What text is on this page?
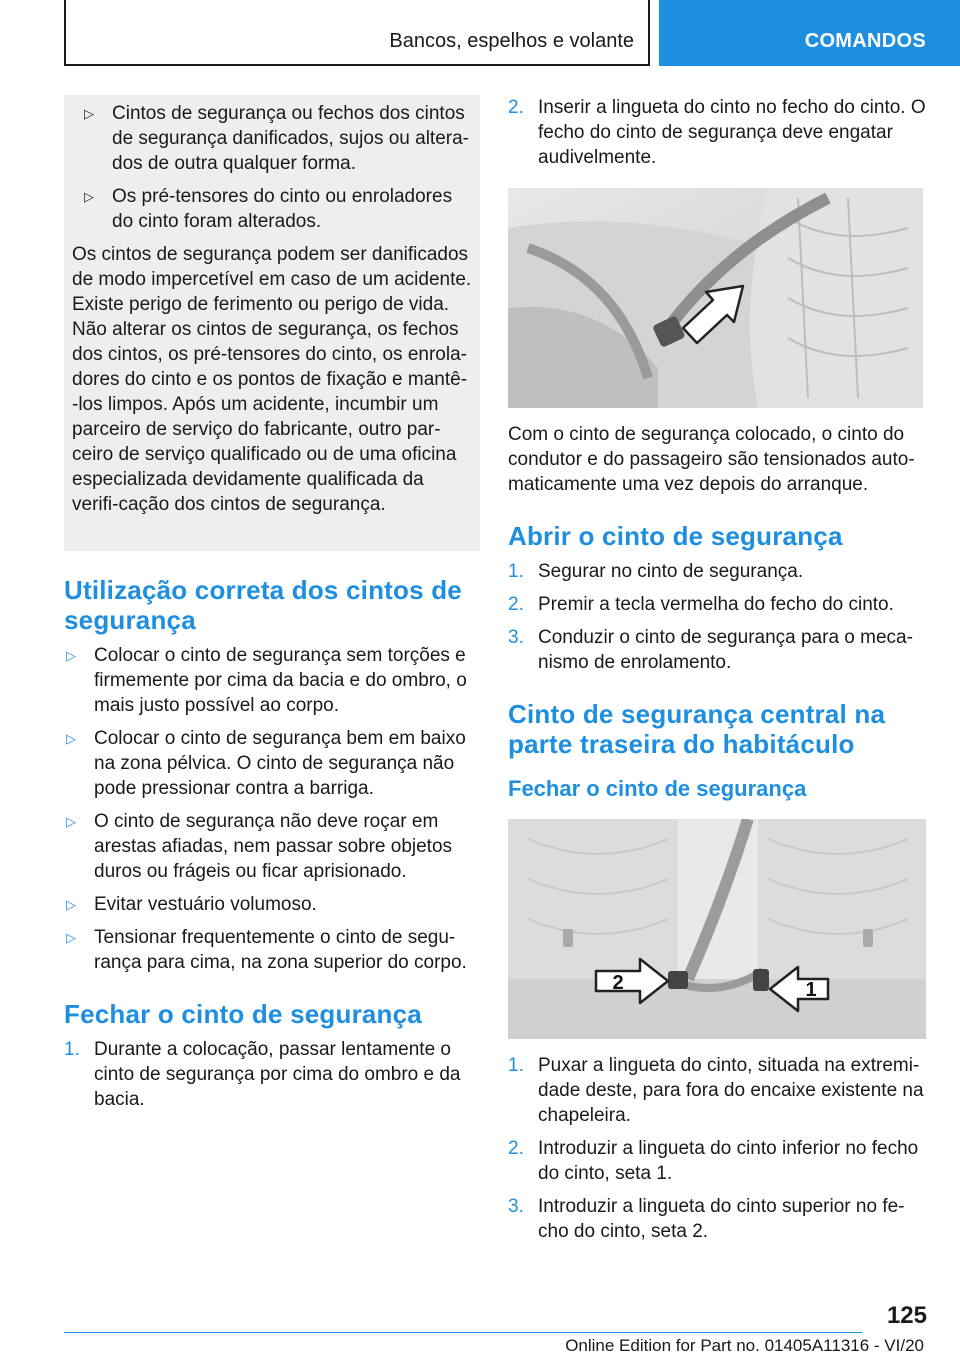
Bancos, espelhos e volante	COMANDOS
▷ Cintos de segurança ou fechos dos cintos de segurança danificados, sujos ou altera-dos de outra qualquer forma.
▷ Os pré-tensores do cinto ou enroladores do cinto foram alterados.

Os cintos de segurança podem ser danificados de modo impercetível em caso de um acidente. Existe perigo de ferimento ou perigo de vida. Não alterar os cintos de segurança, os fechos dos cintos, os pré-tensores do cinto, os enrola-dores do cinto e os pontos de fixação e mantê--los limpos. Após um acidente, incumbir um parceiro de serviço do fabricante, outro par-ceiro de serviço qualificado ou de uma oficina especializada devidamente qualificada da verifi-cação dos cintos de segurança.

Utilização correta dos cintos de segurança
▷ Colocar o cinto de segurança sem torções e firmemente por cima da bacia e do ombro, o mais justo possível ao corpo.
▷ Colocar o cinto de segurança bem em baixo na zona pélvica. O cinto de segurança não pode pressionar contra a barriga.
▷ O cinto de segurança não deve roçar em arestas afiadas, nem passar sobre objetos duros ou frágeis ou ficar aprisionado.
▷ Evitar vestuário volumoso.
▷ Tensionar frequentemente o cinto de segu-rança para cima, na zona superior do corpo.
Fechar o cinto de segurança
1. Durante a colocação, passar lentamente o cinto de segurança por cima do ombro e da bacia.
2. Inserir a lingueta do cinto no fecho do cinto. O fecho do cinto de segurança deve engatar audivelmente.

Com o cinto de segurança colocado, o cinto do condutor e do passageiro são tensionados auto-maticamente uma vez depois do arranque.

Abrir o cinto de segurança
1. Segurar no cinto de segurança.
2. Premir a tecla vermelha do fecho do cinto.
3. Conduzir o cinto de segurança para o meca-nismo de enrolamento.
Cinto de segurança central na parte traseira do habitáculo
Fechar o cinto de segurança
2	1
1. Puxar a lingueta do cinto, situada na extremi-dade deste, para fora do encaixe existente na chapeleira.
2. Introduzir a lingueta do cinto inferior no fecho do cinto, seta 1.
3. Introduzir a lingueta do cinto superior no fe-cho do cinto, seta 2.
125
Online Edition for Part no. 01405A11316 - VI/20
